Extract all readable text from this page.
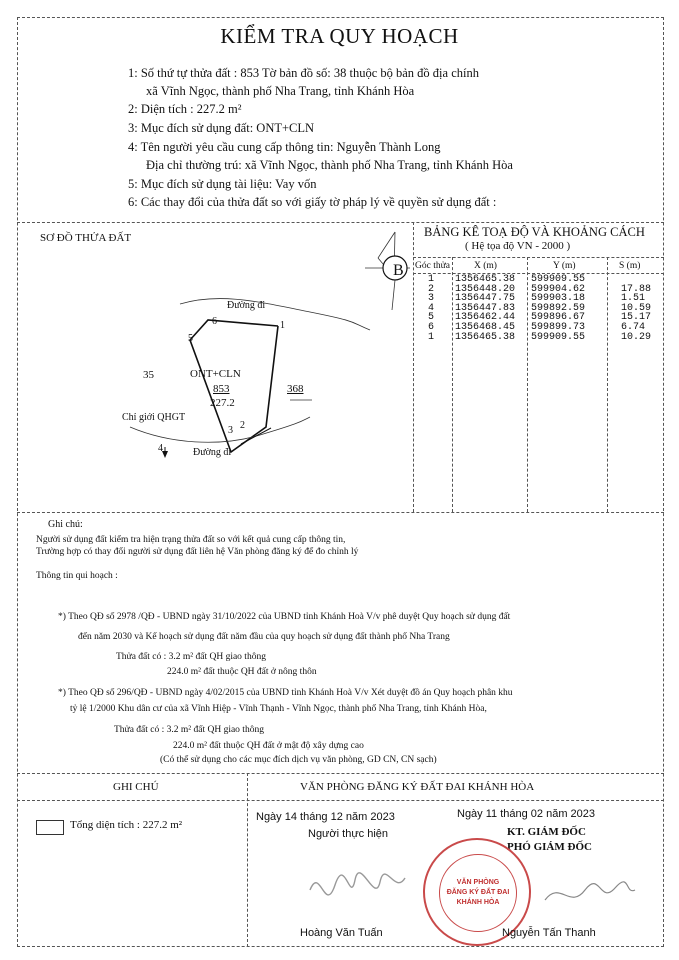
KIỂM TRA QUY HOẠCH
1: Số thứ tự thửa đất : 853 Tờ bản đồ số: 38 thuộc bộ bản đồ địa chính
xã Vĩnh Ngọc, thành phố Nha Trang, tỉnh Khánh Hòa
2: Diện tích : 227.2 m²
3: Mục đích sử dụng đất: ONT+CLN
4: Tên người yêu cầu cung cấp thông tin: Nguyễn Thành Long
Địa chỉ thường trú: xã Vĩnh Ngọc, thành phố Nha Trang, tỉnh Khánh Hòa
5: Mục đích sử dụng tài liệu: Vay vốn
6: Các thay đổi của thửa đất so với giấy tờ pháp lý về quyền sử dụng đất :
SƠ ĐỒ THỬA ĐẤT
B
Đường đi
6	1
5
35	ONT+CLN
853
227.2
368
Chỉ giới QHGT
3 2
4	Đường đi
BẢNG KÊ TOẠ ĐỘ VÀ KHOẢNG CÁCH
( Hệ tọa độ VN - 2000 )
Góc thửa	X (m)	Y (m)	S (m)
1 1356465.38 599909.55
2 1356448.20 599904.62	17.88
3 1356447.75 599903.18	1.51
4 1356447.83 599892.59	10.59
5 1356462.44 599896.67	15.17
6 1356468.45 599899.73	6.74
1 1356465.38 599909.55	10.29
Ghi chú:
Người sử dụng đất kiểm tra hiện trạng thửa đất so với kết quả cung cấp thông tin,
Trường hợp có thay đổi người sử dụng đất liên hệ Văn phòng đăng ký để đo chỉnh lý
Thông tin qui hoạch :
*) Theo QĐ số 2978 /QĐ - UBND ngày 31/10/2022 của UBND tỉnh Khánh Hoà V/v phê duyệt Quy hoạch sử dụng đất
đến năm 2030 và Kế hoạch sử dụng đất năm đầu của quy hoạch sử dụng đất thành phố Nha Trang
Thửa đất có : 3.2 m² đất QH giao thông
224.0 m² đất thuộc QH đất ở nông thôn
*) Theo QĐ số 296/QĐ - UBND ngày 4/02/2015 của UBND tỉnh Khánh Hoà V/v Xét duyệt đồ án Quy hoạch phân khu
tỷ lệ 1/2000 Khu dân cư của xã Vĩnh Hiệp - Vĩnh Thạnh - Vĩnh Ngọc, thành phố Nha Trang, tỉnh Khánh Hòa,
Thửa đất có : 3.2 m² đất QH giao thông
224.0 m² đất thuộc QH đất ở mật độ xây dựng cao
(Có thể sử dụng cho các mục đích dịch vụ văn phòng, GD CN, CN sạch)
GHI CHÚ	VĂN PHÒNG ĐĂNG KÝ ĐẤT ĐAI KHÁNH HÒA
Tổng diện tích : 227.2 m²
Ngày 14 tháng 12 năm 2023
Người thực hiện
Ngày 11 tháng 02 năm 2023
KT. GIÁM ĐỐC
PHÓ GIÁM ĐỐC
VĂN PHÒNG
ĐĂNG KÝ ĐẤT ĐAI
KHÁNH HÒA
Hoàng Văn Tuấn	Nguyễn Tấn Thanh
